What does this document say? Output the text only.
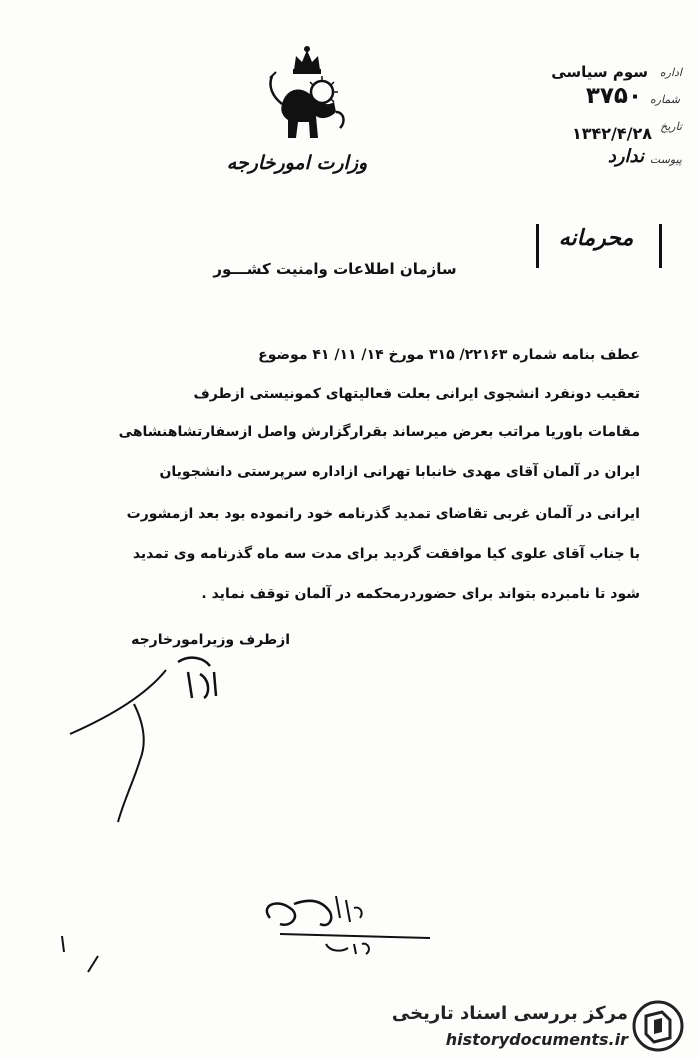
وزارت امورخارجه
اداره
سوم سیاسی
شماره
۳۷۵۰
تاریخ
۱۳۴۲/۴/۲۸
پیوست
ندارد
محرمانه
سازمان اطلاعات وامنیت کشـــور
عطف بنامه شماره ۲۲۱۶۳/ ۳۱۵ مورخ ۱۴/ ۱۱/ ۴۱ موضوع
تعقیب دونفرد انشجوی ایرانی بعلت فعالیتهای کمونیستی ازطرف
مقامات باوریا مراتب بعرض میرساند بقرارگزارش واصل ازسفارتشاهنشاهی
ایران در آلمان آقای مهدی خانبابا تهرانی ازاداره سرپرستی دانشجویان
ایرانی در آلمان غربی تقاضای تمدید گذرنامه خود رانموده بود بعد ازمشورت
با جناب آقای علوی کیا موافقت گردید برای مدت سه ماه گذرنامه وی تمدید
شود تا نامبرده بتواند برای حضوردرمحکمه در آلمان توقف نماید .
ازطرف وزیرامورخارجه
مرکز بررسی اسناد تاریخی
historydocuments.ir
